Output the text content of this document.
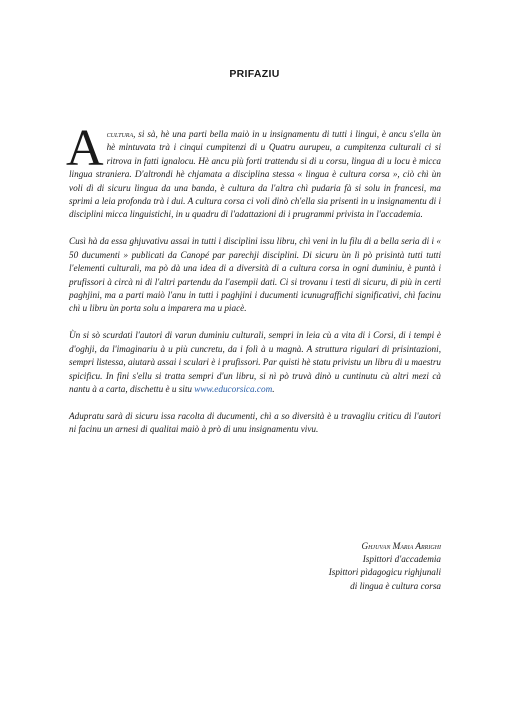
PRIFAZIU

Acultura, si sà, hè una parti bella maiò in u insignamentu di tutti i lingui, è ancu s'ella ùn hè mintuvata trà i cinqui cumpitenzi di u Quatru aurupeu, a cumpitenza culturali ci si ritrova in fatti ignalocu. Hè ancu più forti trattendu si di u corsu, lingua di u locu è micca lingua straniera. D'altrondi hè chjamata a disciplina stessa « lingua è cultura corsa », ciò chì ùn voli dì di sicuru lingua da una banda, è cultura da l'altra chì pudaria fà si solu in francesi, ma sprimi a leia profonda trà i dui. A cultura corsa ci voli dinò ch'ella sia prisenti in u insignamentu di i disciplini micca linguistichi, in u quadru di l'adattazioni di i prugrammi privista in l'accademia.

Cusì hà da essa ghjuvativu assai in tutti i disciplini issu libru, chì veni in lu filu di a bella seria di i « 50 ducumenti » publicati da Canopé par parechji disciplini. Di sicuru ùn lì pò prisintà tutti tutti l'elementi culturali, ma pò dà una idea di a diversità di a cultura corsa in ogni duminiu, è puntà i prufissori à circà ni di l'altri partendu da l'asempii dati. Ci si trovanu i testi di sicuru, di più in certi paghjini, ma a parti maiò l'anu in tutti i paghjini i ducumenti icunugraffichi significativi, chì facinu chì u libru ùn porta solu a imparera ma u piacè.

Ùn si sò scurdati l'autori di varun duminiu culturali, sempri in leia cù a vita di i Corsi, di i tempi è d'oghji, da l'imaginariu à u più cuncretu, da i folì à u magnà. A struttura rigulari di prisintazioni, sempri listessa, aiutarà assai i sculari è i prufissori. Par quisti hè statu privistu un libru di u maestru spicificu. In fini s'ellu si tratta sempri d'un libru, si nì pò truvà dinò u cuntinutu cù altri mezi cà nantu à a carta, dischettu è u situ www.educorsica.com.

Adupratu sarà di sicuru issa racolta di ducumenti, chì a so diversità è u travagliu criticu di l'autori ni facinu un arnesi di qualitai maiò à prò di unu insignamentu vivu.

Ghjuvan Maria Arrighi
Ispittori d'accademia
Ispittori pìdagogicu righjunali
di lingua è cultura corsa
